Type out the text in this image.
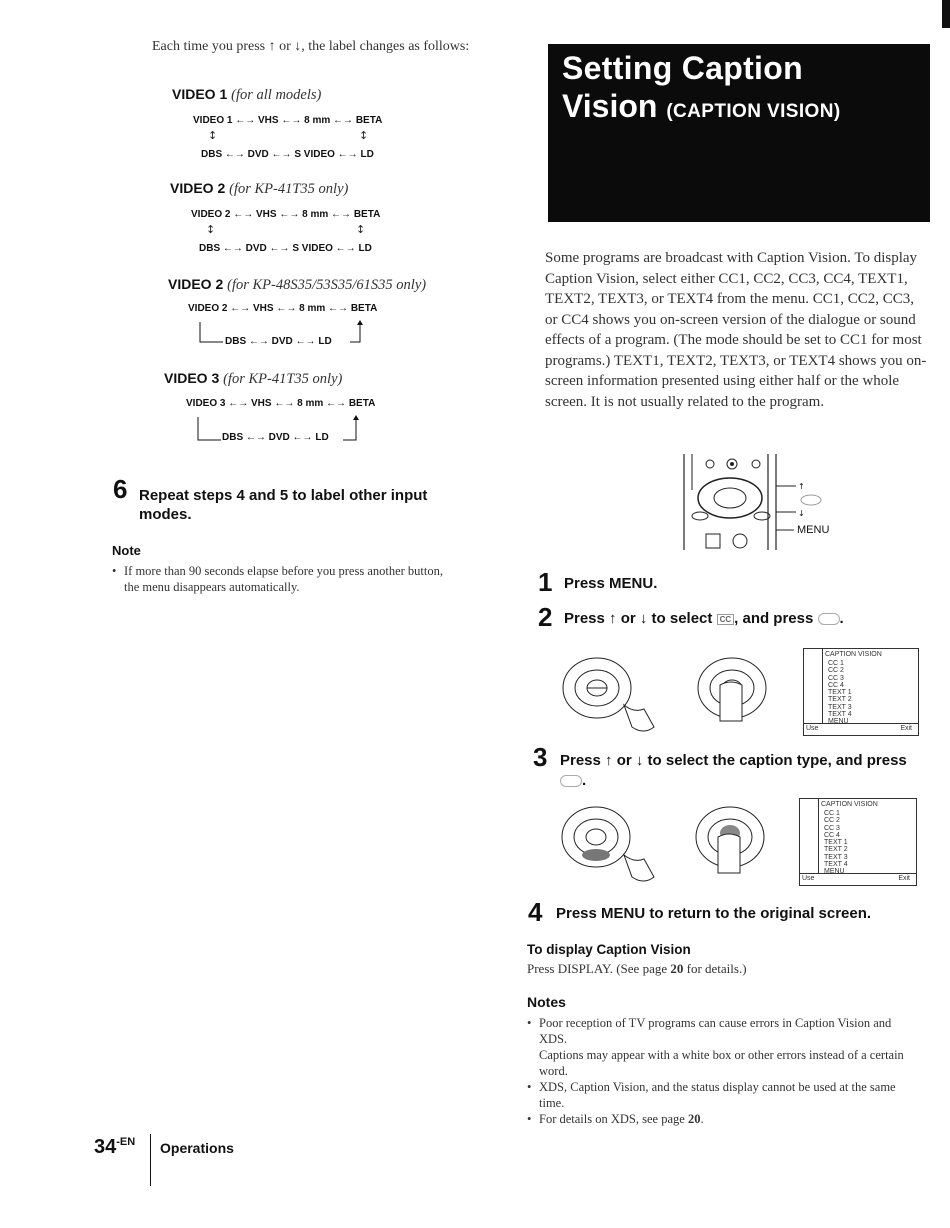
Each time you press ↑ or ↓, the label changes as follows:
VIDEO 1 (for all models)
VIDEO 1 ←→ VHS ←→ 8 mm ←→ BETA
↕	↕
DBS ←→ DVD ←→ S VIDEO ←→ LD
VIDEO 2 (for KP-41T35 only)
VIDEO 2 ←→ VHS ←→ 8 mm ←→ BETA
↕	↕
DBS ←→ DVD ←→ S VIDEO ←→ LD
VIDEO 2 (for KP-48S35/53S35/61S35 only)
VIDEO 2 ←→ VHS ←→ 8 mm ←→ BETA
DBS ←→ DVD ←→ LD
VIDEO 3 (for KP-41T35 only)
VIDEO 3 ←→ VHS ←→ 8 mm ←→ BETA
DBS ←→ DVD ←→ LD
6 Repeat steps 4 and 5 to label other input modes.
Note
• If more than 90 seconds elapse before you press another button, the menu disappears automatically.
$34^{-EN}$ Operations
Setting Caption
Vision (CAPTION VISION)
Some programs are broadcast with Caption Vision. To display Caption Vision, select either CC1, CC2, CC3, CC4, TEXT1, TEXT2, TEXT3, or TEXT4 from the menu. CC1, CC2, CC3, or CC4 shows you on-screen version of the dialogue or sound effects of a program. (The mode should be set to CC1 for most programs.) TEXT1, TEXT2, TEXT3, or TEXT4 shows you on-screen information presented using either half or the whole screen. It is not usually related to the program.
↑
↓
MENU
1 Press MENU.
2 Press ↑ or ↓ to select CC , and press .
CAPTION VISION
CC 1
CC 2
CC 3
CC 4
TEXT 1
TEXT 2
TEXT 3
TEXT 4
MENU
Use	Exit
3 Press ↑ or ↓ to select the caption type, and press .
CAPTION VISION
CC 1
CC 2
CC 3
CC 4
TEXT 1
TEXT 2
TEXT 3
TEXT 4
MENU
Use	Exit
4 Press MENU to return to the original screen.
To display Caption Vision
Press DISPLAY. (See page 20 for details.)
Notes
• Poor reception of TV programs can cause errors in Caption Vision and XDS.
Captions may appear with a white box or other errors instead of a certain word.
• XDS, Caption Vision, and the status display cannot be used at the same time.
• For details on XDS, see page 20.
